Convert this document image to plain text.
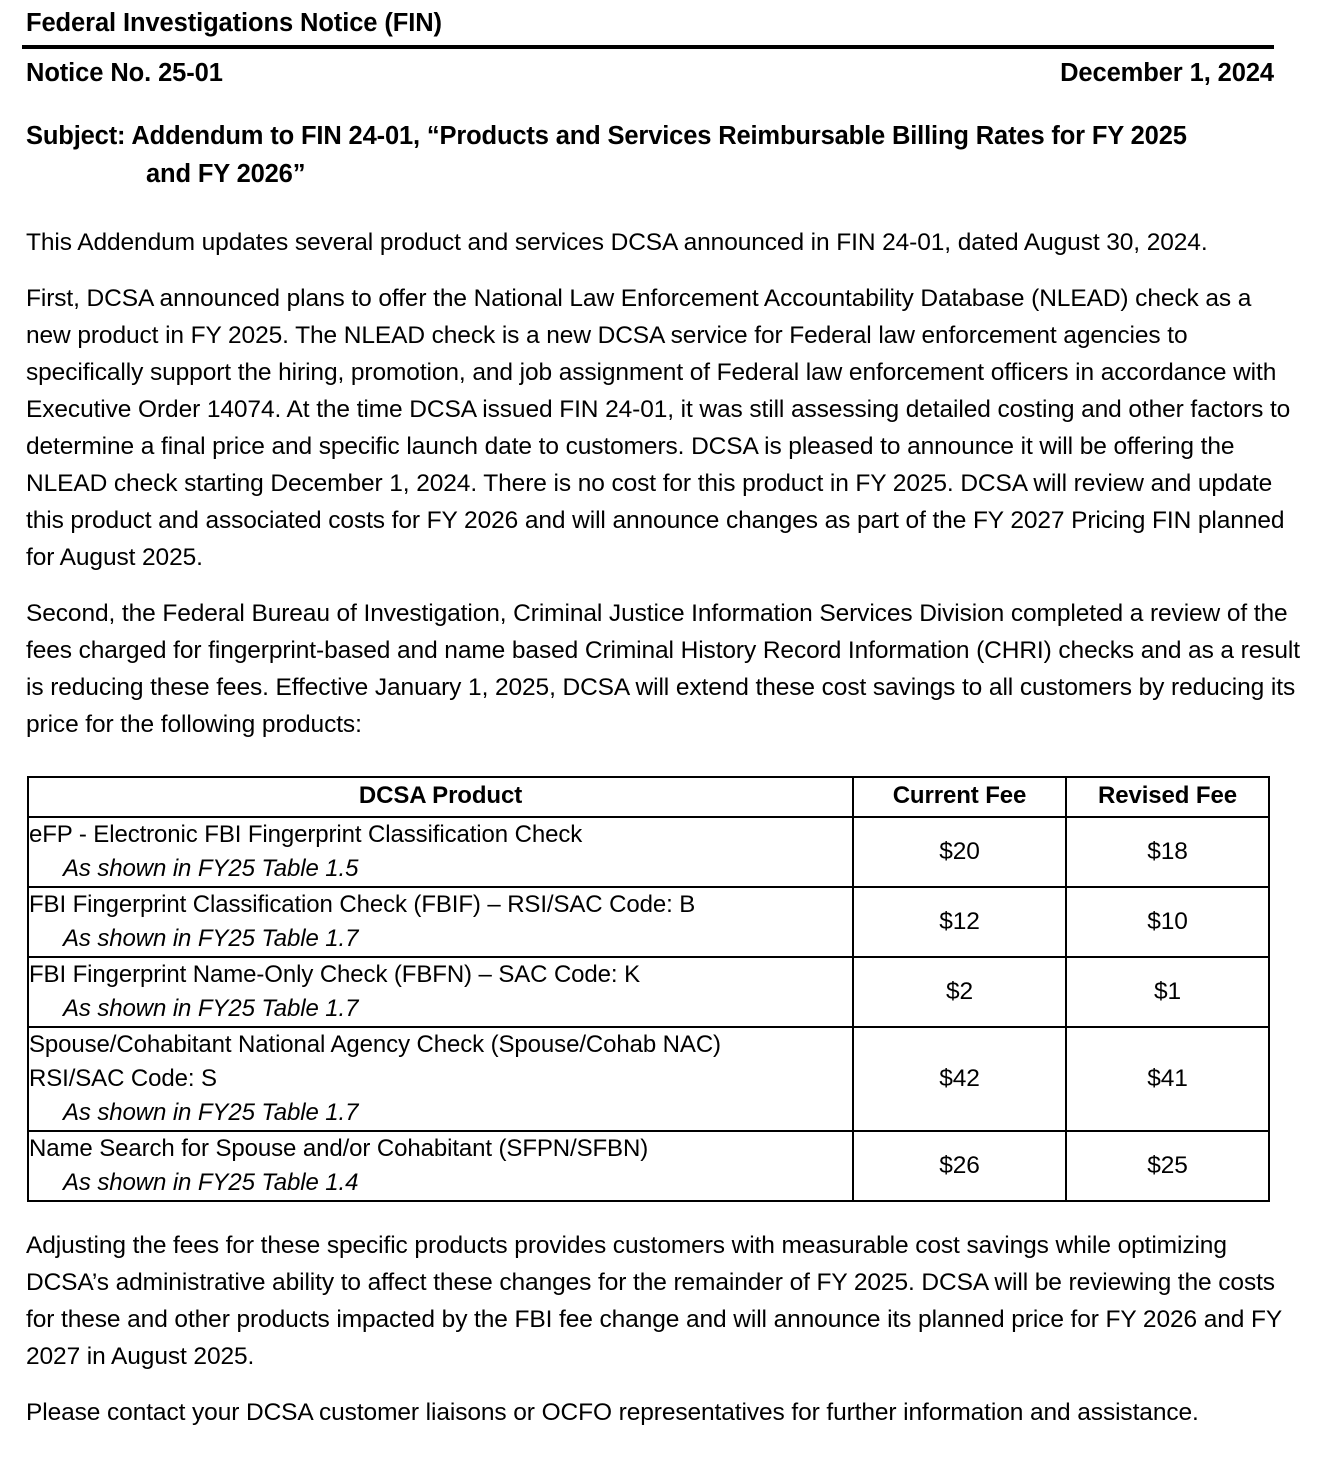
Federal Investigations Notice (FIN)
Notice No. 25-01	December 1, 2024
Subject: Addendum to FIN 24-01, “Products and Services Reimbursable Billing Rates for FY 2025
and FY 2026”

This Addendum updates several product and services DCSA announced in FIN 24-01, dated August 30, 2024.

First, DCSA announced plans to offer the National Law Enforcement Accountability Database (NLEAD) check as a new product in FY 2025. The NLEAD check is a new DCSA service for Federal law enforcement agencies to specifically support the hiring, promotion, and job assignment of Federal law enforcement officers in accordance with Executive Order 14074. At the time DCSA issued FIN 24-01, it was still assessing detailed costing and other factors to determine a final price and specific launch date to customers. DCSA is pleased to announce it will be offering the NLEAD check starting December 1, 2024. There is no cost for this product in FY 2025. DCSA will review and update this product and associated costs for FY 2026 and will announce changes as part of the FY 2027 Pricing FIN planned for August 2025.

Second, the Federal Bureau of Investigation, Criminal Justice Information Services Division completed a review of the fees charged for fingerprint-based and name based Criminal History Record Information (CHRI) checks and as a result is reducing these fees. Effective January 1, 2025, DCSA will extend these cost savings to all customers by reducing its price for the following products:

DCSA Product	Current Fee	Revised Fee

eFP - Electronic FBI Fingerprint Classification Check
As shown in FY25 Table 1.5	$20	$18

FBI Fingerprint Classification Check (FBIF) – RSI/SAC Code: B
As shown in FY25 Table 1.7	$12	$10

FBI Fingerprint Name-Only Check (FBFN) – SAC Code: K
As shown in FY25 Table 1.7	$2	$1

Spouse/Cohabitant National Agency Check (Spouse/Cohab NAC)
RSI/SAC Code: S
As shown in FY25 Table 1.7	$42	$41

Name Search for Spouse and/or Cohabitant (SFPN/SFBN)
As shown in FY25 Table 1.4	$26	$25

Adjusting the fees for these specific products provides customers with measurable cost savings while optimizing DCSA’s administrative ability to affect these changes for the remainder of FY 2025. DCSA will be reviewing the costs for these and other products impacted by the FBI fee change and will announce its planned price for FY 2026 and FY 2027 in August 2025.

Please contact your DCSA customer liaisons or OCFO representatives for further information and assistance.
